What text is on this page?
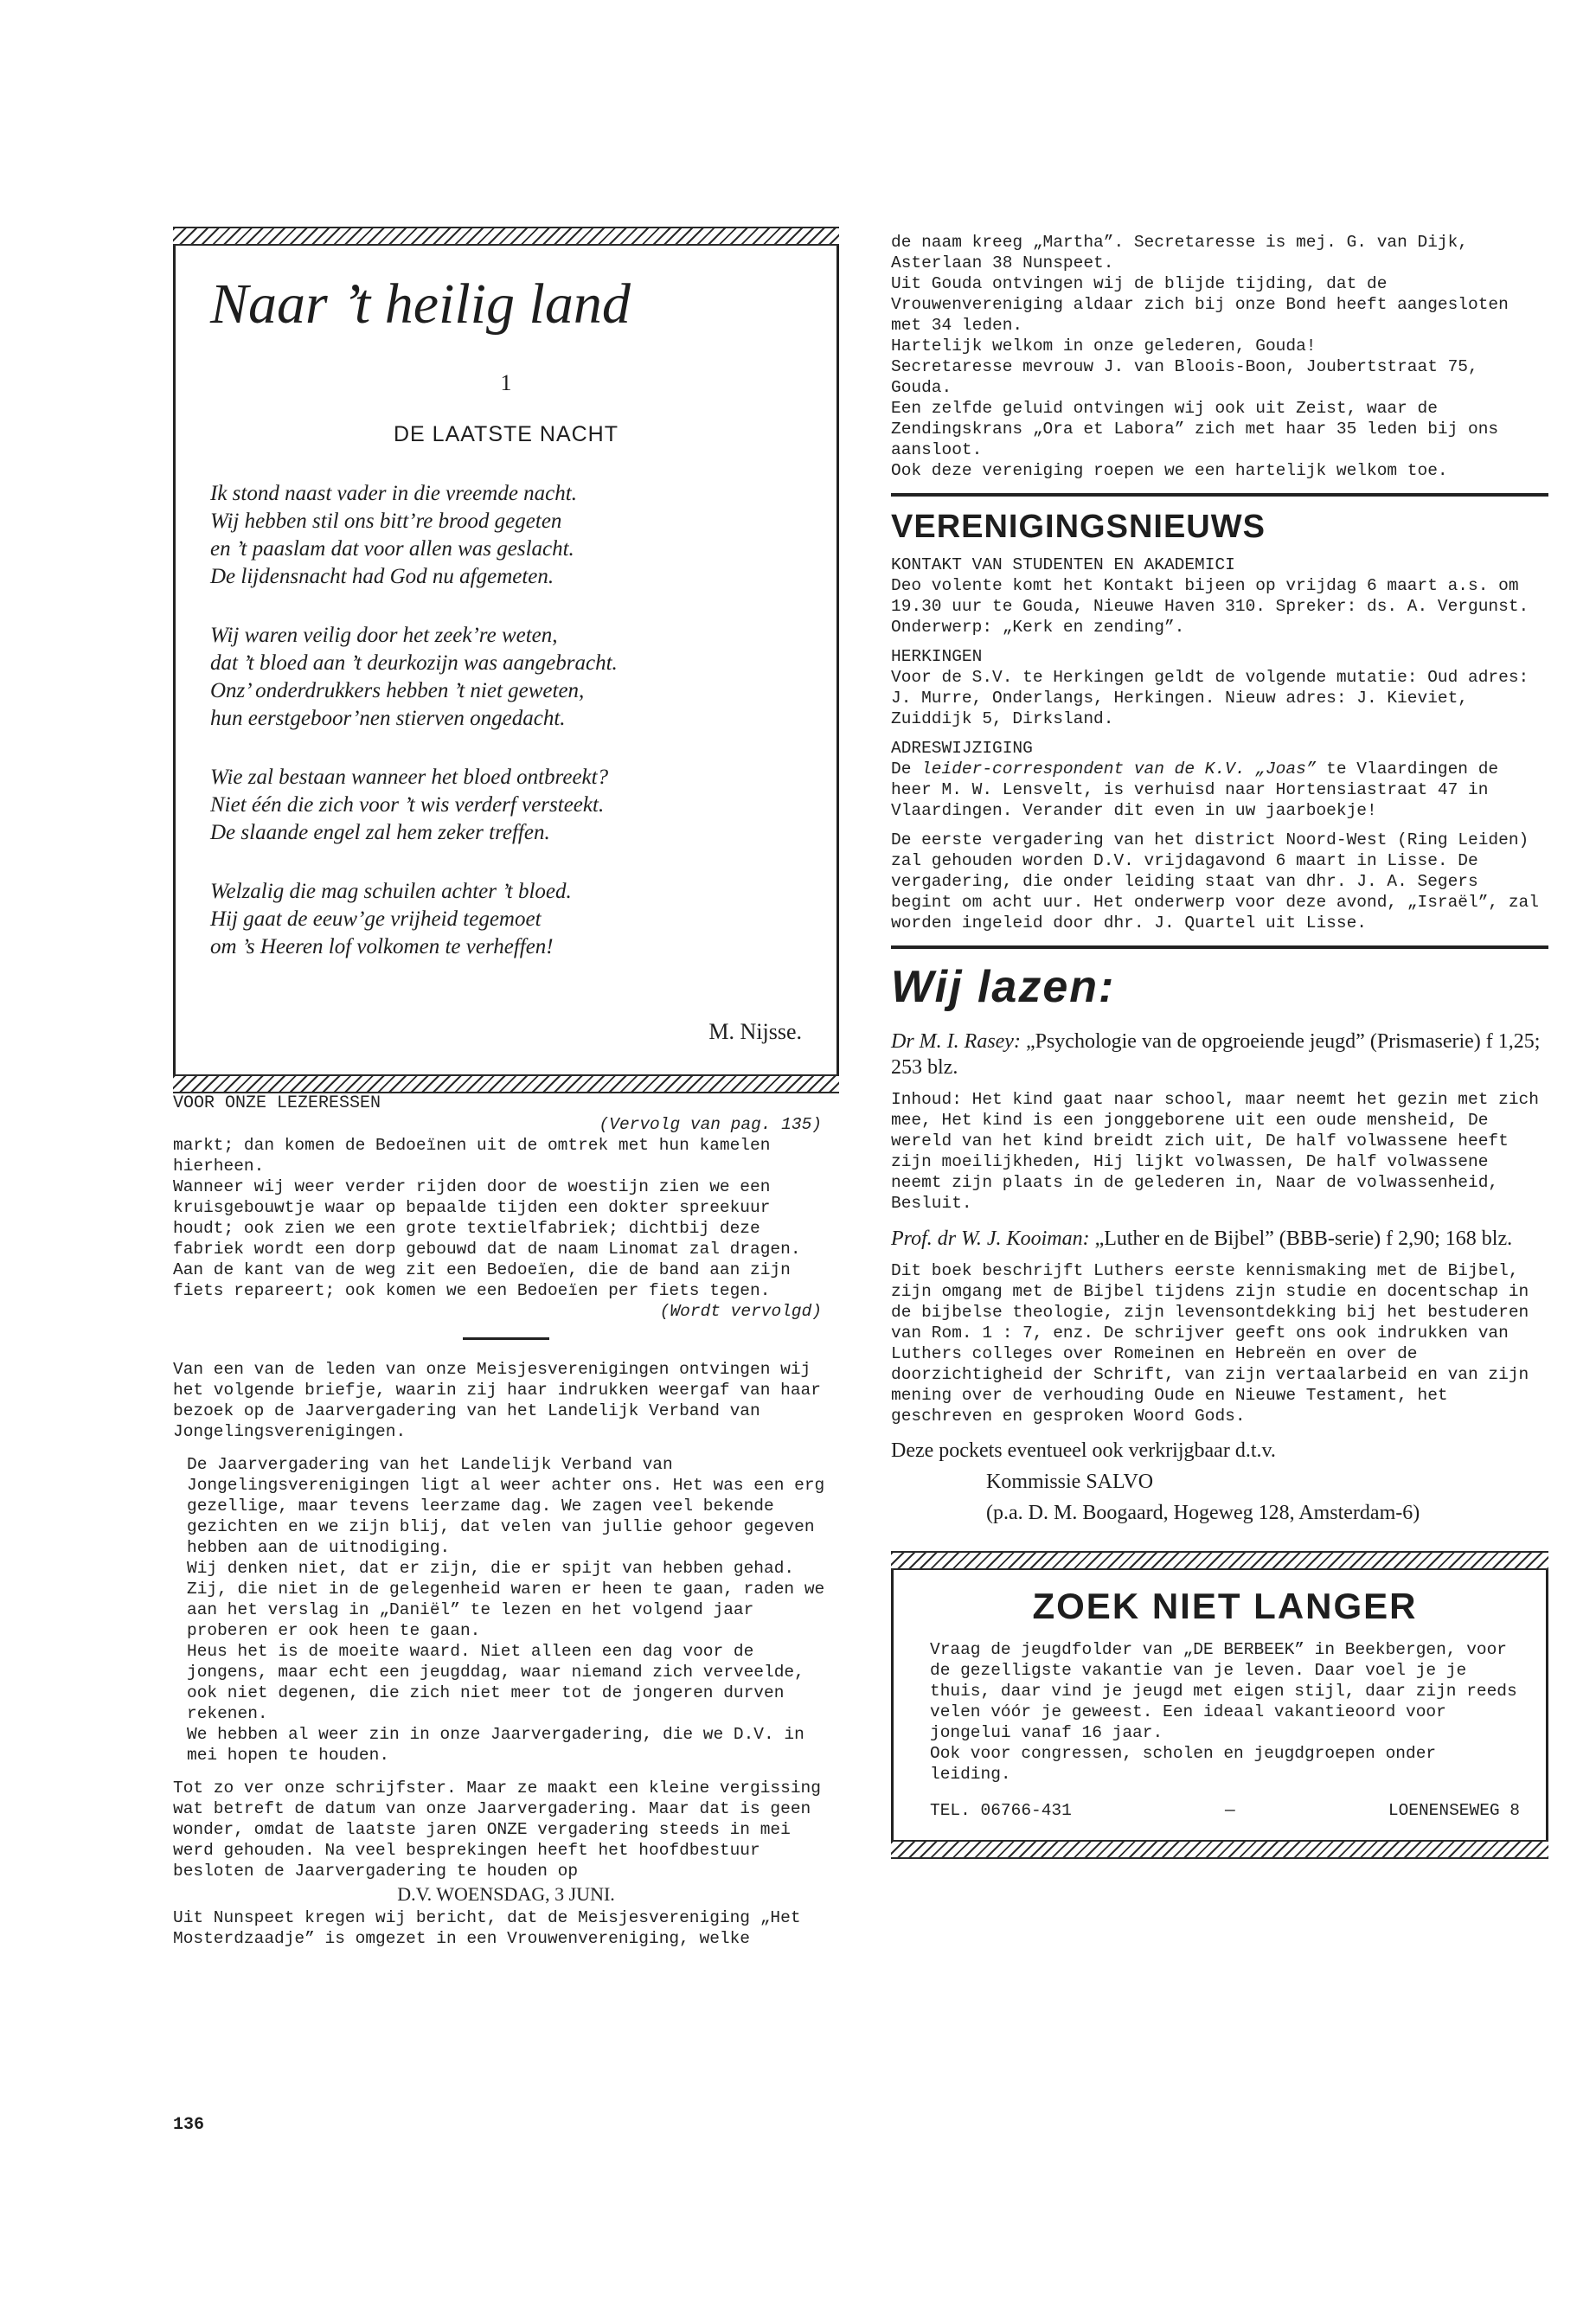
Naar ’t heilig land
1
DE LAATSTE NACHT
Ik stond naast vader in die vreemde nacht.
Wij hebben stil ons bitt’re brood gegeten
en ’t paaslam dat voor allen was geslacht.
De lijdensnacht had God nu afgemeten.
Wij waren veilig door het zeek’re weten,
dat ’t bloed aan ’t deurkozijn was aangebracht.
Onz’ onderdrukkers hebben ’t niet geweten,
hun eerstgeboor’nen stierven ongedacht.
Wie zal bestaan wanneer het bloed ontbreekt?
Niet één die zich voor ’t wis verderf versteekt.
De slaande engel zal hem zeker treffen.
Welzalig die mag schuilen achter ’t bloed.
Hij gaat de eeuw’ge vrijheid tegemoet
om ’s Heeren lof volkomen te verheffen!
M. Nijsse.

VOOR ONZE LEZERESSEN

(Vervolg van pag. 135)

markt; dan komen de Bedoeïnen uit de omtrek met hun kamelen hierheen.

Wanneer wij weer verder rijden door de woestijn zien we een kruisgebouwtje waar op bepaalde tijden een dokter spreekuur houdt; ook zien we een grote textielfabriek; dichtbij deze fabriek wordt een dorp gebouwd dat de naam Linomat zal dragen. Aan de kant van de weg zit een Bedoeïen, die de band aan zijn fiets repareert; ook komen we een Bedoeïen per fiets tegen.

(Wordt vervolgd)

Van een van de leden van onze Meisjesverenigingen ontvingen wij het volgende briefje, waarin zij haar indrukken weergaf van haar bezoek op de Jaarvergadering van het Landelijk Verband van Jongelingsverenigingen.

De Jaarvergadering van het Landelijk Verband van Jongelingsverenigingen ligt al weer achter ons. Het was een erg gezellige, maar tevens leerzame dag. We zagen veel bekende gezichten en we zijn blij, dat velen van jullie gehoor gegeven hebben aan de uitnodiging.

Wij denken niet, dat er zijn, die er spijt van hebben gehad. Zij, die niet in de gelegenheid waren er heen te gaan, raden we aan het verslag in „Daniël” te lezen en het volgend jaar proberen er ook heen te gaan.

Heus het is de moeite waard. Niet alleen een dag voor de jongens, maar echt een jeugddag, waar niemand zich verveelde, ook niet degenen, die zich niet meer tot de jongeren durven rekenen.

We hebben al weer zin in onze Jaarvergadering, die we D.V. in mei hopen te houden.

Tot zo ver onze schrijfster. Maar ze maakt een kleine vergissing wat betreft de datum van onze Jaarvergadering. Maar dat is geen wonder, omdat de laatste jaren ONZE vergadering steeds in mei werd gehouden. Na veel besprekingen heeft het hoofdbestuur besloten de Jaarvergadering te houden op

D.V. WOENSDAG, 3 JUNI.

Uit Nunspeet kregen wij bericht, dat de Meisjesvereniging „Het Mosterdzaadje” is omgezet in een Vrouwenvereniging, welke

136

de naam kreeg „Martha”. Secretaresse is mej. G. van Dijk, Asterlaan 38 Nunspeet.

Uit Gouda ontvingen wij de blijde tijding, dat de Vrouwenvereniging aldaar zich bij onze Bond heeft aangesloten met 34 leden.

Hartelijk welkom in onze gelederen, Gouda!

Secretaresse mevrouw J. van Bloois-Boon, Joubertstraat 75, Gouda.

Een zelfde geluid ontvingen wij ook uit Zeist, waar de Zendingskrans „Ora et Labora” zich met haar 35 leden bij ons aansloot.

Ook deze vereniging roepen we een hartelijk welkom toe.

VERENIGINGSNIEUWS

KONTAKT VAN STUDENTEN EN AKADEMICI

Deo volente komt het Kontakt bijeen op vrijdag 6 maart a.s. om 19.30 uur te Gouda, Nieuwe Haven 310. Spreker: ds. A. Vergunst. Onderwerp: „Kerk en zending”.

HERKINGEN

Voor de S.V. te Herkingen geldt de volgende mutatie: Oud adres: J. Murre, Onderlangs, Herkingen. Nieuw adres: J. Kieviet, Zuiddijk 5, Dirksland.

ADRESWIJZIGING

De leider-correspondent van de K.V. „Joas” te Vlaardingen de heer M. W. Lensvelt, is verhuisd naar Hortensiastraat 47 in Vlaardingen. Verander dit even in uw jaarboekje!

De eerste vergadering van het district Noord-West (Ring Leiden) zal gehouden worden D.V. vrijdagavond 6 maart in Lisse. De vergadering, die onder leiding staat van dhr. J. A. Segers begint om acht uur. Het onderwerp voor deze avond, „Israël”, zal worden ingeleid door dhr. J. Quartel uit Lisse.

Wij lazen:

Dr M. I. Rasey: „Psychologie van de opgroeiende jeugd” (Prismaserie) f 1,25; 253 blz.

Inhoud: Het kind gaat naar school, maar neemt het gezin met zich mee, Het kind is een jonggeborene uit een oude mensheid, De wereld van het kind breidt zich uit, De half volwassene heeft zijn moeilijkheden, Hij lijkt volwassen, De half volwassene neemt zijn plaats in de gelederen in, Naar de volwassenheid, Besluit.

Prof. dr W. J. Kooiman: „Luther en de Bijbel” (BBB-serie) f 2,90; 168 blz.

Dit boek beschrijft Luthers eerste kennismaking met de Bijbel, zijn omgang met de Bijbel tijdens zijn studie en docentschap in de bijbelse theologie, zijn levensontdekking bij het bestuderen van Rom. 1 : 7, enz. De schrijver geeft ons ook indrukken van Luthers colleges over Romeinen en Hebreën en over de doorzichtigheid der Schrift, van zijn vertaalarbeid en van zijn mening over de verhouding Oude en Nieuwe Testament, het geschreven en gesproken Woord Gods.

Deze pockets eventueel ook verkrijgbaar d.t.v.

Kommissie SALVO

(p.a. D. M. Boogaard, Hogeweg 128, Amsterdam-6)

ZOEK NIET LANGER

Vraag de jeugdfolder van „DE BERBEEK” in Beekbergen, voor de gezelligste vakantie van je leven. Daar voel je je thuis, daar vind je jeugd met eigen stijl, daar zijn reeds velen vóór je geweest. Een ideaal vakantieoord voor jongelui vanaf 16 jaar.

Ook voor congressen, scholen en jeugdgroepen onder leiding.

TEL. 06766-431	—	LOENENSEWEG 8
